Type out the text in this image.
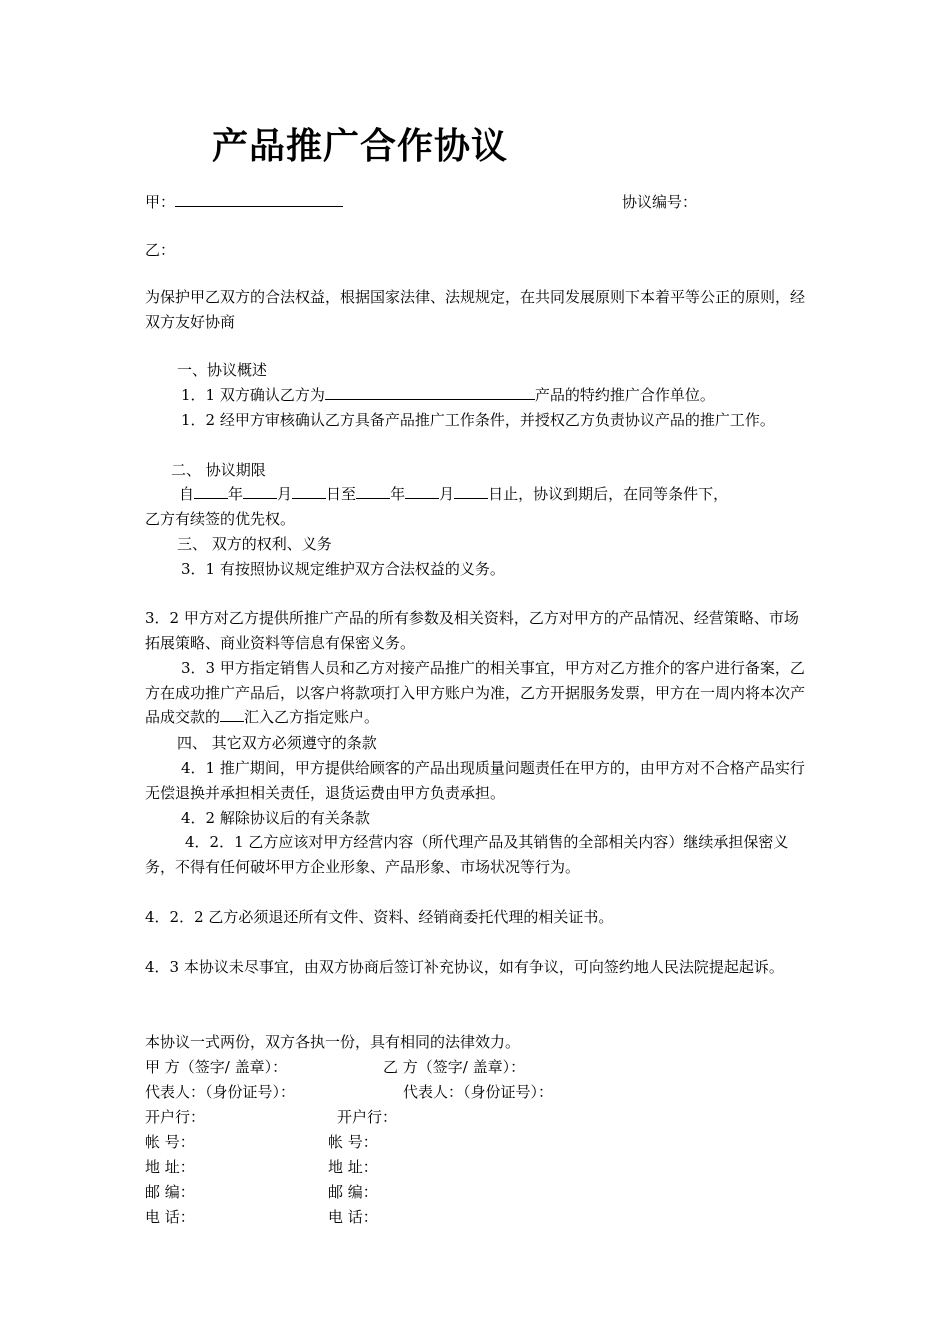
产品推广合作协议
甲：	协议编号：
乙：
为保护甲乙双方的合法权益，根据国家法律、法规规定，在共同发展原则下本着平等公正的原则，经双方友好协商
一、协议概述
1．1 双方确认乙方为	产品的特约推广合作单位。
1．2 经甲方审核确认乙方具备产品推广工作条件，并授权乙方负责协议产品的推广工作。
二、 协议期限
自 年 月 日至 年 月 日止，协议到期后，在同等条件下，
乙方有续签的优先权。
三、 双方的权利、义务
3．1 有按照协议规定维护双方合法权益的义务。
3．2 甲方对乙方提供所推广产品的所有参数及相关资料，乙方对甲方的产品情况、经营策略、市场拓展策略、商业资料等信息有保密义务。
3．3 甲方指定销售人员和乙方对接产品推广的相关事宜，甲方对乙方推介的客户进行备案，乙方在成功推广产品后，以客户将款项打入甲方账户为准，乙方开据服务发票，甲方在一周内将本次产品成交款的 汇入乙方指定账户。
四、 其它双方必须遵守的条款
4．1 推广期间，甲方提供给顾客的产品出现质量问题责任在甲方的，由甲方对不合格产品实行无偿退换并承担相关责任，退货运费由甲方负责承担。
4．2 解除协议后的有关条款
4．2．1 乙方应该对甲方经营内容（所代理产品及其销售的全部相关内容）继续承担保密义务，不得有任何破坏甲方企业形象、产品形象、市场状况等行为。
4．2．2 乙方必须退还所有文件、资料、经销商委托代理的相关证书。
4．3 本协议未尽事宜，由双方协商后签订补充协议，如有争议，可向签约地人民法院提起起诉。
本协议一式两份，双方各执一份，具有相同的法律效力。
甲 方（签字/ 盖章）：	乙 方（签字/ 盖章）：
代表人：（身份证号）：	代表人：（身份证号）：
开户行：	开户行：
帐 号：	帐 号：
地 址：	地 址：
邮 编：	邮 编：
电 话：	电 话：
